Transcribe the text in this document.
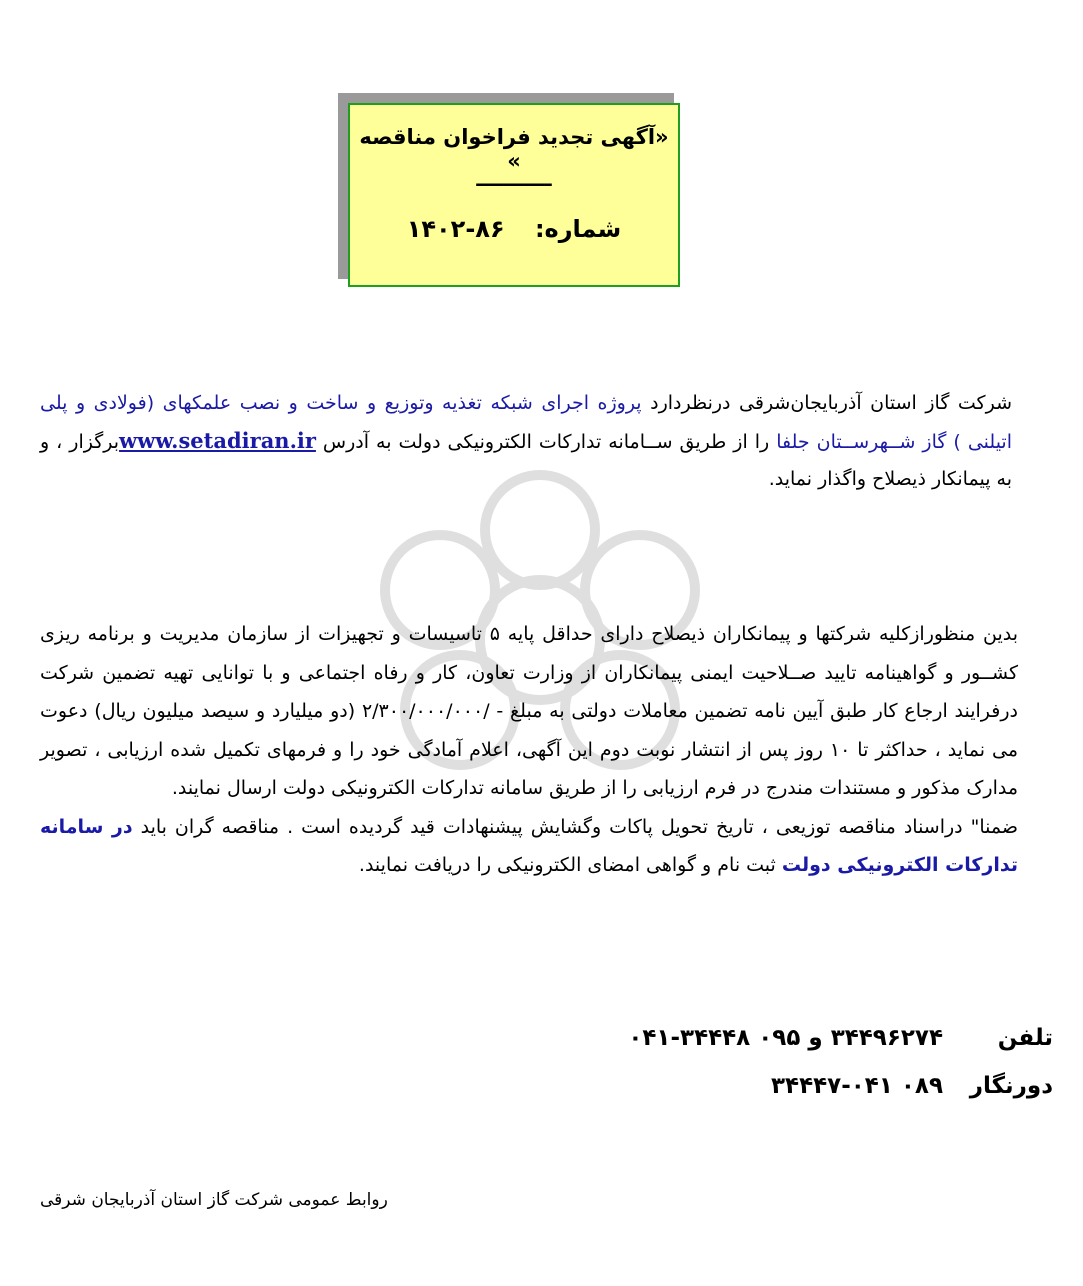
«آگهی تجدید فراخوان مناقصه »
ـــــــــــ
شماره: ۸۶-۱۴۰۲
شرکت گاز استان آذربایجان‌شرقی درنظردارد پروژه اجرای شبکه تغذیه وتوزیع و ساخت و نصب علمکهای (فولادی و پلی اتیلنی ) گاز شــهرســتان جلفا را از طریق ســامانه تدارکات الکترونیکی دولت به آدرس www.setadiran.irبرگزار ، و به پیمانکار ذیصلاح واگذار نماید.
بدین منظورازکلیه شرکتها و پیمانکاران ذیصلاح دارای حداقل پایه ۵ تاسیسات و تجهیزات از سازمان مدیریت و برنامه ریزی کشــور و گواهینامه تایید صــلاحیت ایمنی پیمانکاران از وزارت تعاون، کار و رفاه اجتماعی و با توانایی تهیه تضمین شرکت درفرایند ارجاع کار طبق آیین نامه تضمین معاملات دولتی به مبلغ - /۲/۳۰۰/۰۰۰/۰۰۰ (دو میلیارد و سیصد میلیون ریال) دعوت می نماید ، حداکثر تا ۱۰ روز پس از انتشار نوبت دوم این آگهی، اعلام آمادگی خود را و فرمهای تکمیل شده ارزیابی ، تصویر مدارک مذکور و مستندات مندرج در فرم ارزیابی را از طریق سامانه تدارکات الکترونیکی دولت ارسال نمایند.
ضمنا" دراسناد مناقصه توزیعی ، تاریخ تحویل پاکات وگشایش پیشنهادات قید گردیده است . مناقصه گران باید در سامانه تدارکات الکترونیکی دولت ثبت نام و گواهی امضای الکترونیکی را دریافت نمایند.
تلفن
۳۴۴۹۶۲۷۴ و ۰۹۵ ۳۴۴۴۸-۰۴۱
دورنگار
۰۸۹ ۳۴۴۴۷-۰۴۱
روابط عمومی شرکت گاز استان آذربایجان شرقی
